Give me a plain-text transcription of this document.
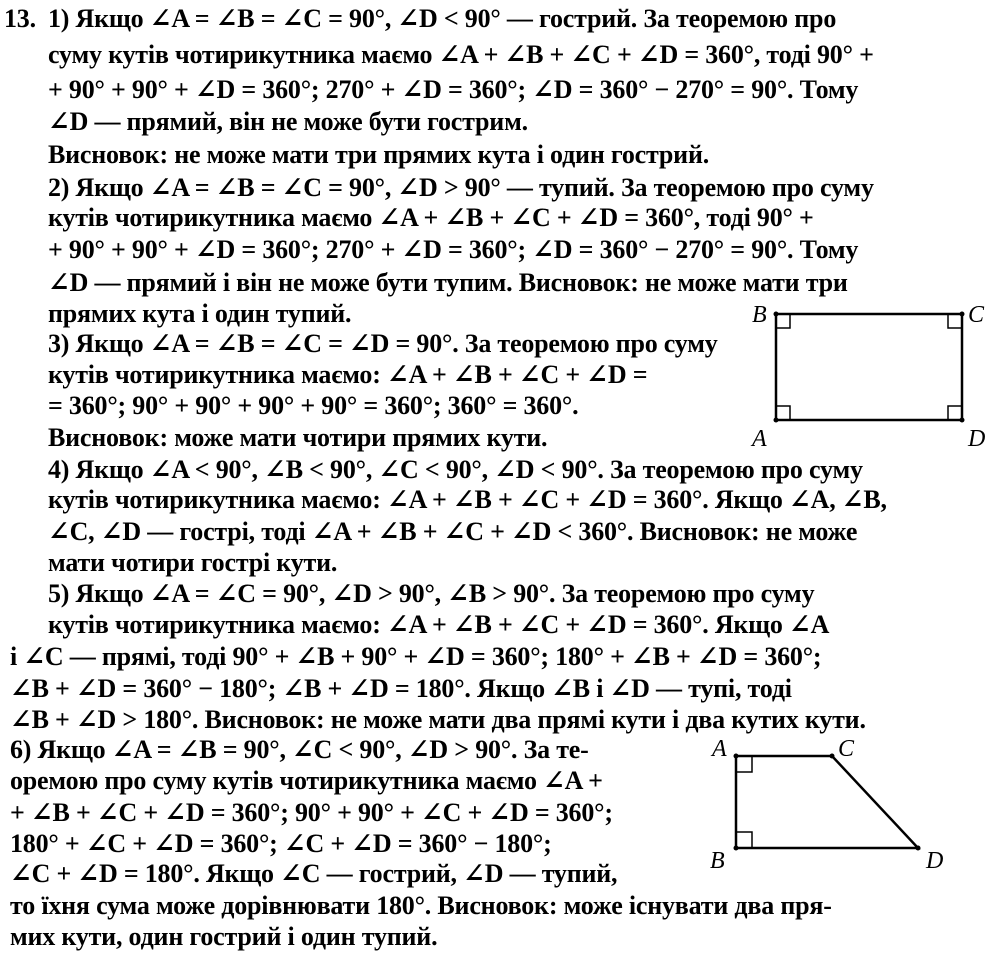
13. 1) Якщо ∠A = ∠B = ∠C = 90°, ∠D < 90° — гострий. За теоремою про
суму кутів чотирикутника маємо ∠A + ∠B + ∠C + ∠D = 360°, тоді 90° +
+ 90° + 90° + ∠D = 360°; 270° + ∠D = 360°; ∠D = 360° − 270° = 90°. Тому
∠D — прямий, він не може бути гострим.
Висновок: не може мати три прямих кута і один гострий.
2) Якщо ∠A = ∠B = ∠C = 90°, ∠D > 90° — тупий. За теоремою про суму
кутів чотирикутника маємо ∠A + ∠B + ∠C + ∠D = 360°, тоді 90° +
+ 90° + 90° + ∠D = 360°; 270° + ∠D = 360°; ∠D = 360° − 270° = 90°. Тому
∠D — прямий і він не може бути тупим. Висновок: не може мати три
прямих кута і один тупий.
3) Якщо ∠A = ∠B = ∠C = ∠D = 90°. За теоремою про суму
кутів чотирикутника маємо: ∠A + ∠B + ∠C + ∠D =
= 360°; 90° + 90° + 90° + 90° = 360°; 360° = 360°.
Висновок: може мати чотири прямих кути.
4) Якщо ∠A < 90°, ∠B < 90°, ∠C < 90°, ∠D < 90°. За теоремою про суму
кутів чотирикутника маємо: ∠A + ∠B + ∠C + ∠D = 360°. Якщо ∠A, ∠B,
∠C, ∠D — гострі, тоді ∠A + ∠B + ∠C + ∠D < 360°. Висновок: не може
мати чотири гострі кути.
5) Якщо ∠A = ∠C = 90°, ∠D > 90°, ∠B > 90°. За теоремою про суму
кутів чотирикутника маємо: ∠A + ∠B + ∠C + ∠D = 360°. Якщо ∠A
і ∠C — прямі, тоді 90° + ∠B + 90° + ∠D = 360°; 180° + ∠B + ∠D = 360°;
∠B + ∠D = 360° − 180°; ∠B + ∠D = 180°. Якщо ∠B і ∠D — тупі, тоді
∠B + ∠D > 180°. Висновок: не може мати два прямі кути і два кутих кути.
6) Якщо ∠A = ∠B = 90°, ∠C < 90°, ∠D > 90°. За те-
оремою про суму кутів чотирикутника маємо ∠A +
+ ∠B + ∠C + ∠D = 360°; 90° + 90° + ∠C + ∠D = 360°;
180° + ∠C + ∠D = 360°; ∠C + ∠D = 360° − 180°;
∠C + ∠D = 180°. Якщо ∠C — гострий, ∠D — тупий,
то їхня сума може дорівнювати 180°. Висновок: може існувати два пря-
мих кути, один гострий і один тупий.
B	C
A	D
A	C
B	D
